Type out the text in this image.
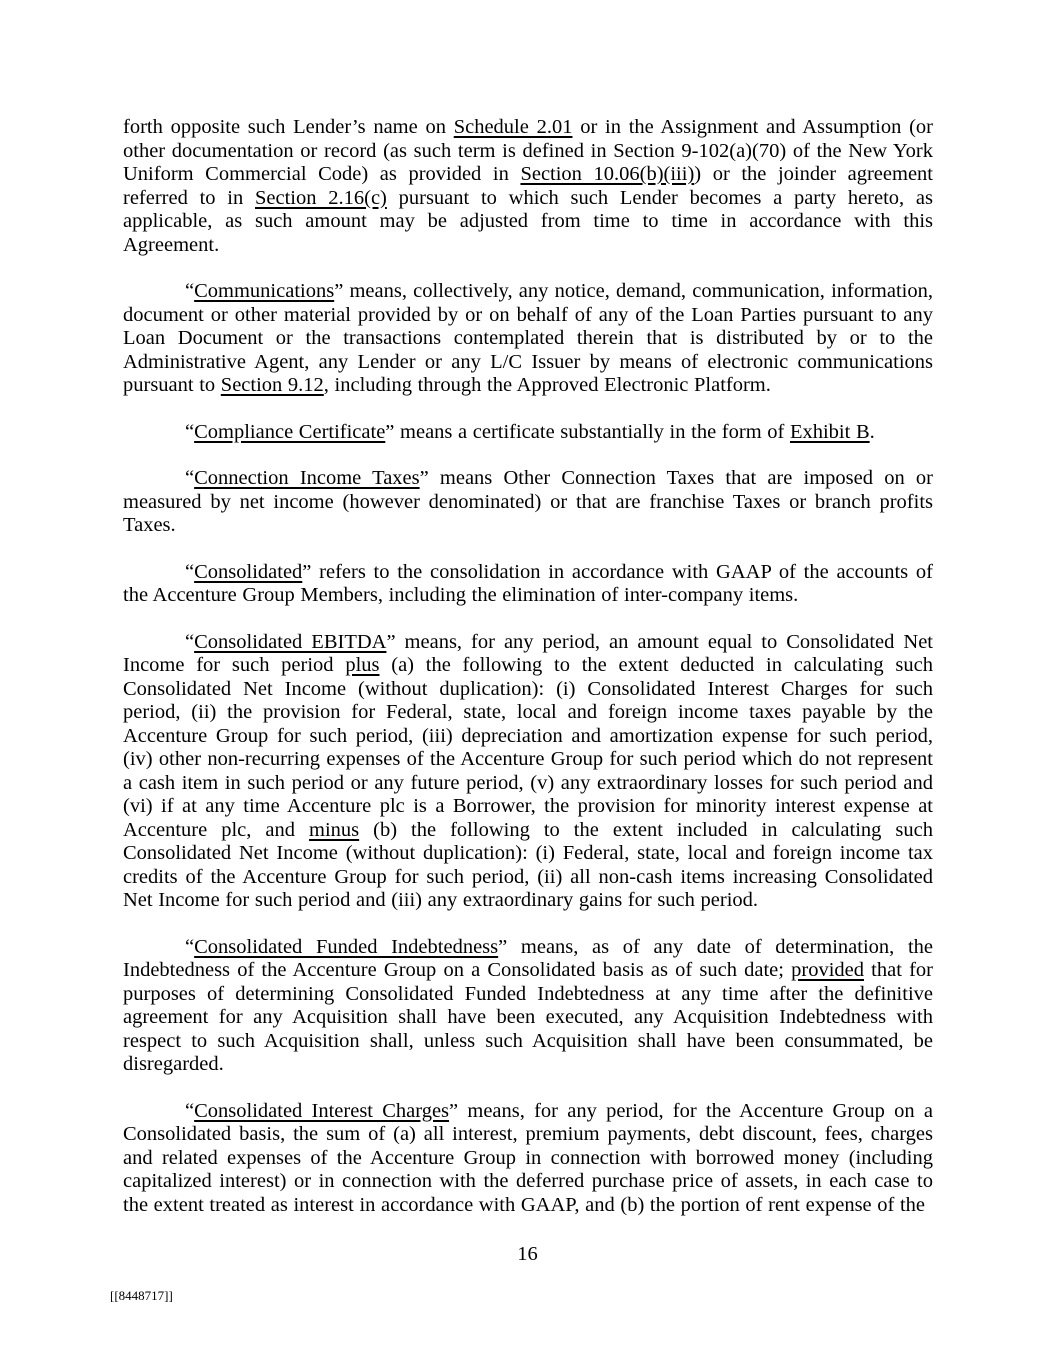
forth opposite such Lender’s name on Schedule 2.01 or in the Assignment and Assumption (or other documentation or record (as such term is defined in Section 9-102(a)(70) of the New York Uniform Commercial Code) as provided in Section 10.06(b)(iii)) or the joinder agreement referred to in Section 2.16(c) pursuant to which such Lender becomes a party hereto, as applicable, as such amount may be adjusted from time to time in accordance with this Agreement.

“Communications” means, collectively, any notice, demand, communication, information, document or other material provided by or on behalf of any of the Loan Parties pursuant to any Loan Document or the transactions contemplated therein that is distributed by or to the Administrative Agent, any Lender or any L/C Issuer by means of electronic communications pursuant to Section 9.12, including through the Approved Electronic Platform.

“Compliance Certificate” means a certificate substantially in the form of Exhibit B.

“Connection Income Taxes” means Other Connection Taxes that are imposed on or measured by net income (however denominated) or that are franchise Taxes or branch profits Taxes.

“Consolidated” refers to the consolidation in accordance with GAAP of the accounts of the Accenture Group Members, including the elimination of inter-company items.

“Consolidated EBITDA” means, for any period, an amount equal to Consolidated Net Income for such period plus (a) the following to the extent deducted in calculating such Consolidated Net Income (without duplication): (i) Consolidated Interest Charges for such period, (ii) the provision for Federal, state, local and foreign income taxes payable by the Accenture Group for such period, (iii) depreciation and amortization expense for such period, (iv) other non-recurring expenses of the Accenture Group for such period which do not represent a cash item in such period or any future period, (v) any extraordinary losses for such period and (vi) if at any time Accenture plc is a Borrower, the provision for minority interest expense at Accenture plc, and minus (b) the following to the extent included in calculating such Consolidated Net Income (without duplication): (i) Federal, state, local and foreign income tax credits of the Accenture Group for such period, (ii) all non-cash items increasing Consolidated Net Income for such period and (iii) any extraordinary gains for such period.

“Consolidated Funded Indebtedness” means, as of any date of determination, the Indebtedness of the Accenture Group on a Consolidated basis as of such date; provided that for purposes of determining Consolidated Funded Indebtedness at any time after the definitive agreement for any Acquisition shall have been executed, any Acquisition Indebtedness with respect to such Acquisition shall, unless such Acquisition shall have been consummated, be disregarded.

“Consolidated Interest Charges” means, for any period, for the Accenture Group on a Consolidated basis, the sum of (a) all interest, premium payments, debt discount, fees, charges and related expenses of the Accenture Group in connection with borrowed money (including capitalized interest) or in connection with the deferred purchase price of assets, in each case to the extent treated as interest in accordance with GAAP, and (b) the portion of rent expense of the

16
[[8448717]]
